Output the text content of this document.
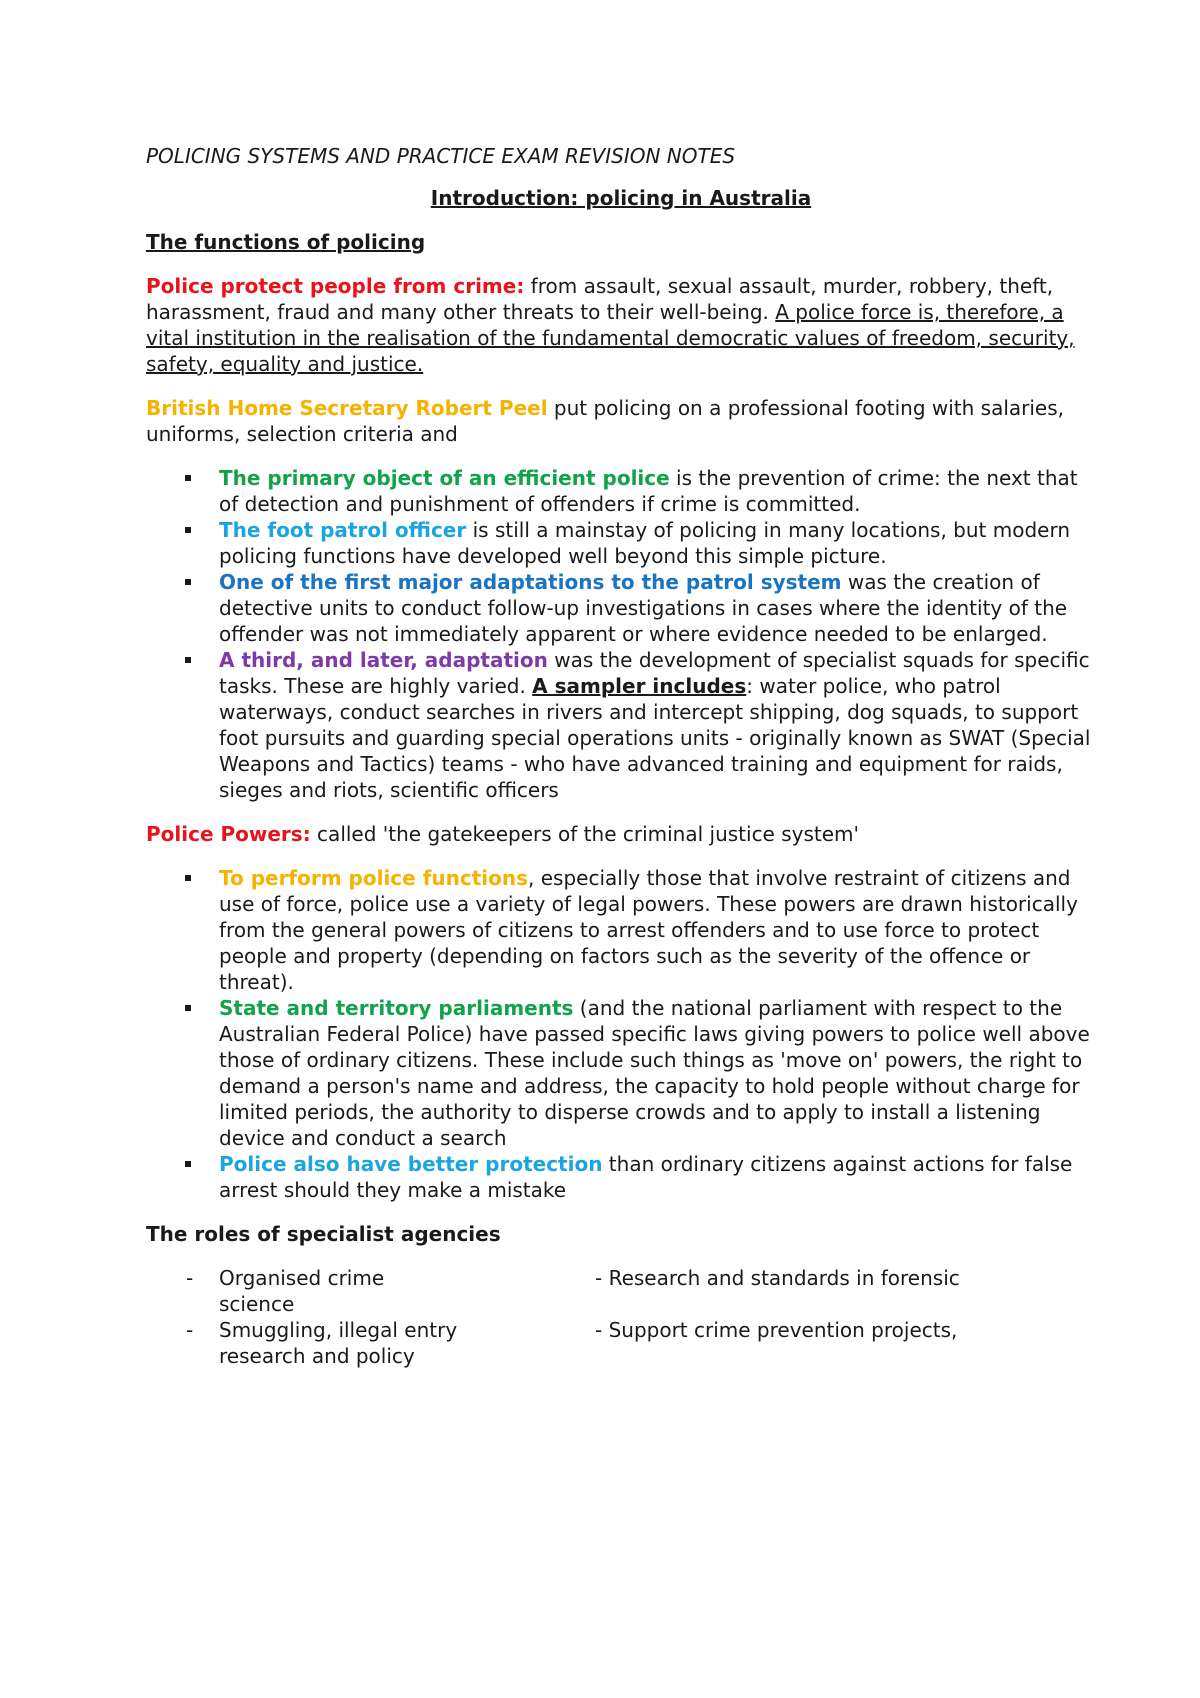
POLICING SYSTEMS AND PRACTICE EXAM REVISION NOTES
Introduction: policing in Australia
The functions of policing

Police protect people from crime: from assault, sexual assault, murder, robbery, theft, harassment, fraud and many other threats to their well-being. A police force is, therefore, a vital institution in the realisation of the fundamental democratic values of freedom, security, safety, equality and justice.

British Home Secretary Robert Peel put policing on a professional footing with salaries, uniforms, selection criteria and

The primary object of an efficient police is the prevention of crime: the next that of detection and punishment of offenders if crime is committed.
The foot patrol officer is still a mainstay of policing in many locations, but modern policing functions have developed well beyond this simple picture.
One of the first major adaptations to the patrol system was the creation of detective units to conduct follow-up investigations in cases where the identity of the offender was not immediately apparent or where evidence needed to be enlarged.
A third, and later, adaptation was the development of specialist squads for specific tasks. These are highly varied. A sampler includes: water police, who patrol waterways, conduct searches in rivers and intercept shipping, dog squads, to support foot pursuits and guarding special operations units - originally known as SWAT (Special Weapons and Tactics) teams - who have advanced training and equipment for raids, sieges and riots, scientific officers

Police Powers: called 'the gatekeepers of the criminal justice system'

To perform police functions, especially those that involve restraint of citizens and use of force, police use a variety of legal powers. These powers are drawn historically from the general powers of citizens to arrest offenders and to use force to protect people and property (depending on factors such as the severity of the offence or threat).
State and territory parliaments (and the national parliament with respect to the Australian Federal Police) have passed specific laws giving powers to police well above those of ordinary citizens. These include such things as 'move on' powers, the right to demand a person's name and address, the capacity to hold people without charge for limited periods, the authority to disperse crowds and to apply to install a listening device and conduct a search
Police also have better protection than ordinary citizens against actions for false arrest should they make a mistake
The roles of specialist agencies
- Organised crime	- Research and standards in forensic
science
- Smuggling, illegal entry	- Support crime prevention projects,
research and policy
